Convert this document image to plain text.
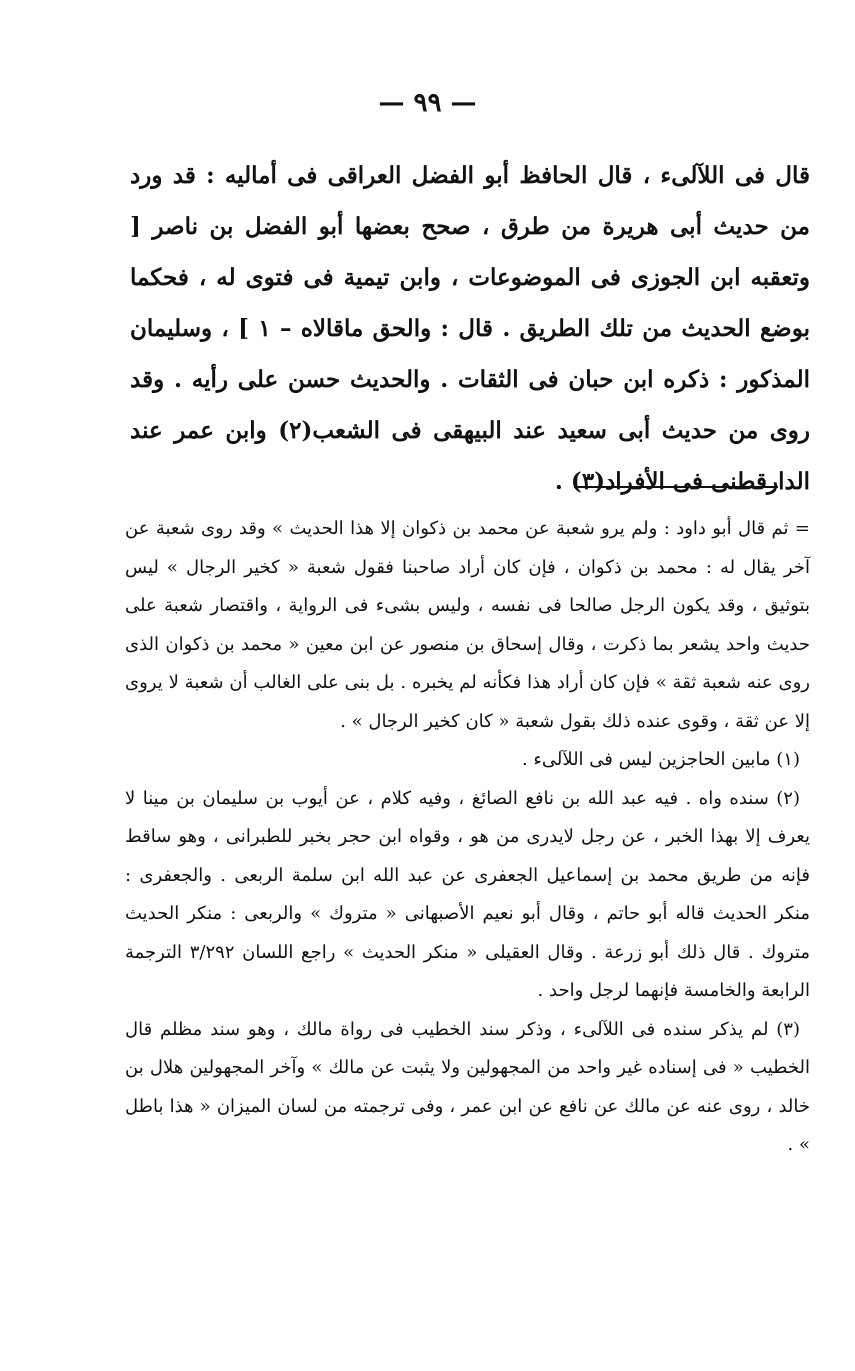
— ٩٩ —

قال فى اللآلىء ، قال الحافظ أبو الفضل العراقى فى أماليه : قد ورد من حديث أبى هريرة من طرق ، صحح بعضها أبو الفضل بن ناصر [ وتعقبه ابن الجوزى فى الموضوعات ، وابن تيمية فى فتوى له ، فحكما بوضع الحديث من تلك الطريق . قال : والحق ماقالاه – ١ ] ، وسليمان المذكور : ذكره ابن حبان فى الثقات . والحديث حسن على رأيه . وقد روى من حديث أبى سعيد عند البيهقى فى الشعب(٢) وابن عمر عند الدارقطنى فى الأفراد(٣) .

= ثم قال أبو داود : ولم يرو شعبة عن محمد بن ذكوان إلا هذا الحديث » وقد روى شعبة عن آخر يقال له : محمد بن ذكوان ، فإن كان أراد صاحبنا فقول شعبة « كخير الرجال » ليس بتوثيق ، وقد يكون الرجل صالحا فى نفسه ، وليس بشىء فى الرواية ، واقتصار شعبة على حديث واحد يشعر بما ذكرت ، وقال إسحاق بن منصور عن ابن معين « محمد بن ذكوان الذى روى عنه شعبة ثقة » فإن كان أراد هذا فكأنه لم يخبره . بل بنى على الغالب أن شعبة لا يروى إلا عن ثقة ، وقوى عنده ذلك بقول شعبة « كان كخير الرجال » .

(١) مابين الحاجزين ليس فى اللآلىء .

(٢) سنده واه . فيه عبد الله بن نافع الصائغ ، وفيه كلام ، عن أيوب بن سليمان بن مينا لا يعرف إلا بهذا الخبر ، عن رجل لايدرى من هو ، وقواه ابن حجر بخبر للطبرانى ، وهو ساقط فإنه من طريق محمد بن إسماعيل الجعفرى عن عبد الله ابن سلمة الربعى . والجعفرى : منكر الحديث قاله أبو حاتم ، وقال أبو نعيم الأصبهانى « متروك » والربعى : منكر الحديث متروك . قال ذلك أبو زرعة . وقال العقيلى « منكر الحديث » راجع اللسان ٣/٢٩٢ الترجمة الرابعة والخامسة فإنهما لرجل واحد .

(٣) لم يذكر سنده فى اللآلىء ، وذكر سند الخطيب فى رواة مالك ، وهو سند مظلم قال الخطيب « فى إسناده غير واحد من المجهولين ولا يثبت عن مالك » وآخر المجهولين هلال بن خالد ، روى عنه عن مالك عن نافع عن ابن عمر ، وفى ترجمته من لسان الميزان « هذا باطل » .
